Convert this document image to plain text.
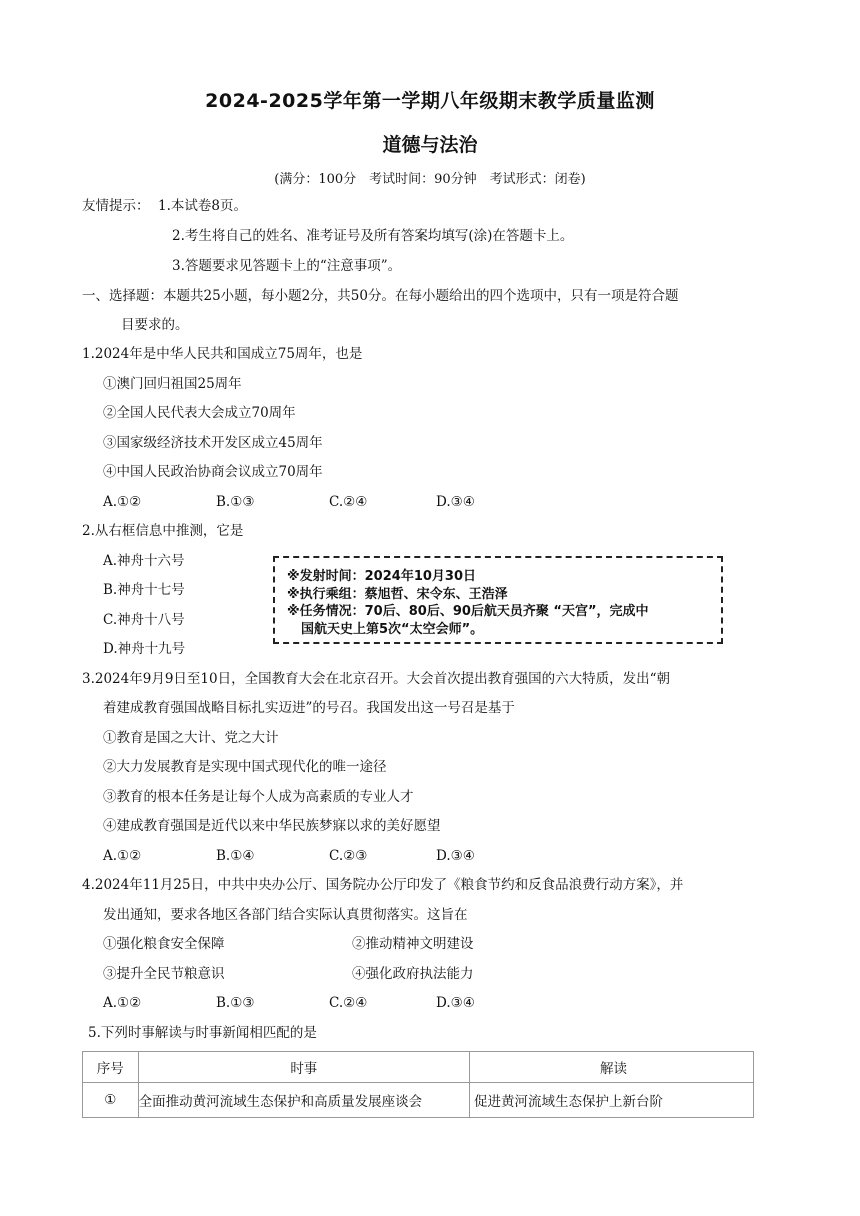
2024-2025学年第一学期八年级期末教学质量监测
道德与法治
(满分：100分　考试时间：90分钟　考试形式：闭卷)
友情提示： 1.本试卷8页。
2.考生将自己的姓名、准考证号及所有答案均填写(涂)在答题卡上。
3.答题要求见答题卡上的“注意事项”。
一、选择题：本题共25小题，每小题2分，共50分。在每小题给出的四个选项中，只有一项是符合题
目要求的。
1.2024年是中华人民共和国成立75周年，也是
①澳门回归祖国25周年
②全国人民代表大会成立70周年
③国家级经济技术开发区成立45周年
④中国人民政治协商会议成立70周年
A.①②	B.①③	C.②④	D.③④
2.从右框信息中推测，它是
A.神舟十六号
B.神舟十七号
C.神舟十八号
D.神舟十九号
※发射时间：2024年10月30日
※执行乘组：蔡旭哲、宋令东、王浩泽
※任务情况：70后、80后、90后航天员齐聚 “天宫”，完成中
国航天史上第5次“太空会师”。
3.2024年9月9日至10日，全国教育大会在北京召开。大会首次提出教育强国的六大特质，发出“朝
着建成教育强国战略目标扎实迈进”的号召。我国发出这一号召是基于
①教育是国之大计、党之大计
②大力发展教育是实现中国式现代化的唯一途径
③教育的根本任务是让每个人成为高素质的专业人才
④建成教育强国是近代以来中华民族梦寐以求的美好愿望
A.①②	B.①④	C.②③	D.③④
4.2024年11月25日，中共中央办公厅、国务院办公厅印发了《粮食节约和反食品浪费行动方案》，并
发出通知，要求各地区各部门结合实际认真贯彻落实。这旨在
①强化粮食安全保障	②推动精神文明建设
③提升全民节粮意识	④强化政府执法能力
A.①②	B.①③	C.②④	D.③④
5.下列时事解读与时事新闻相匹配的是
序号	时事	解读
①	全面推动黄河流域生态保护和高质量发展座谈会	促进黄河流域生态保护上新台阶
